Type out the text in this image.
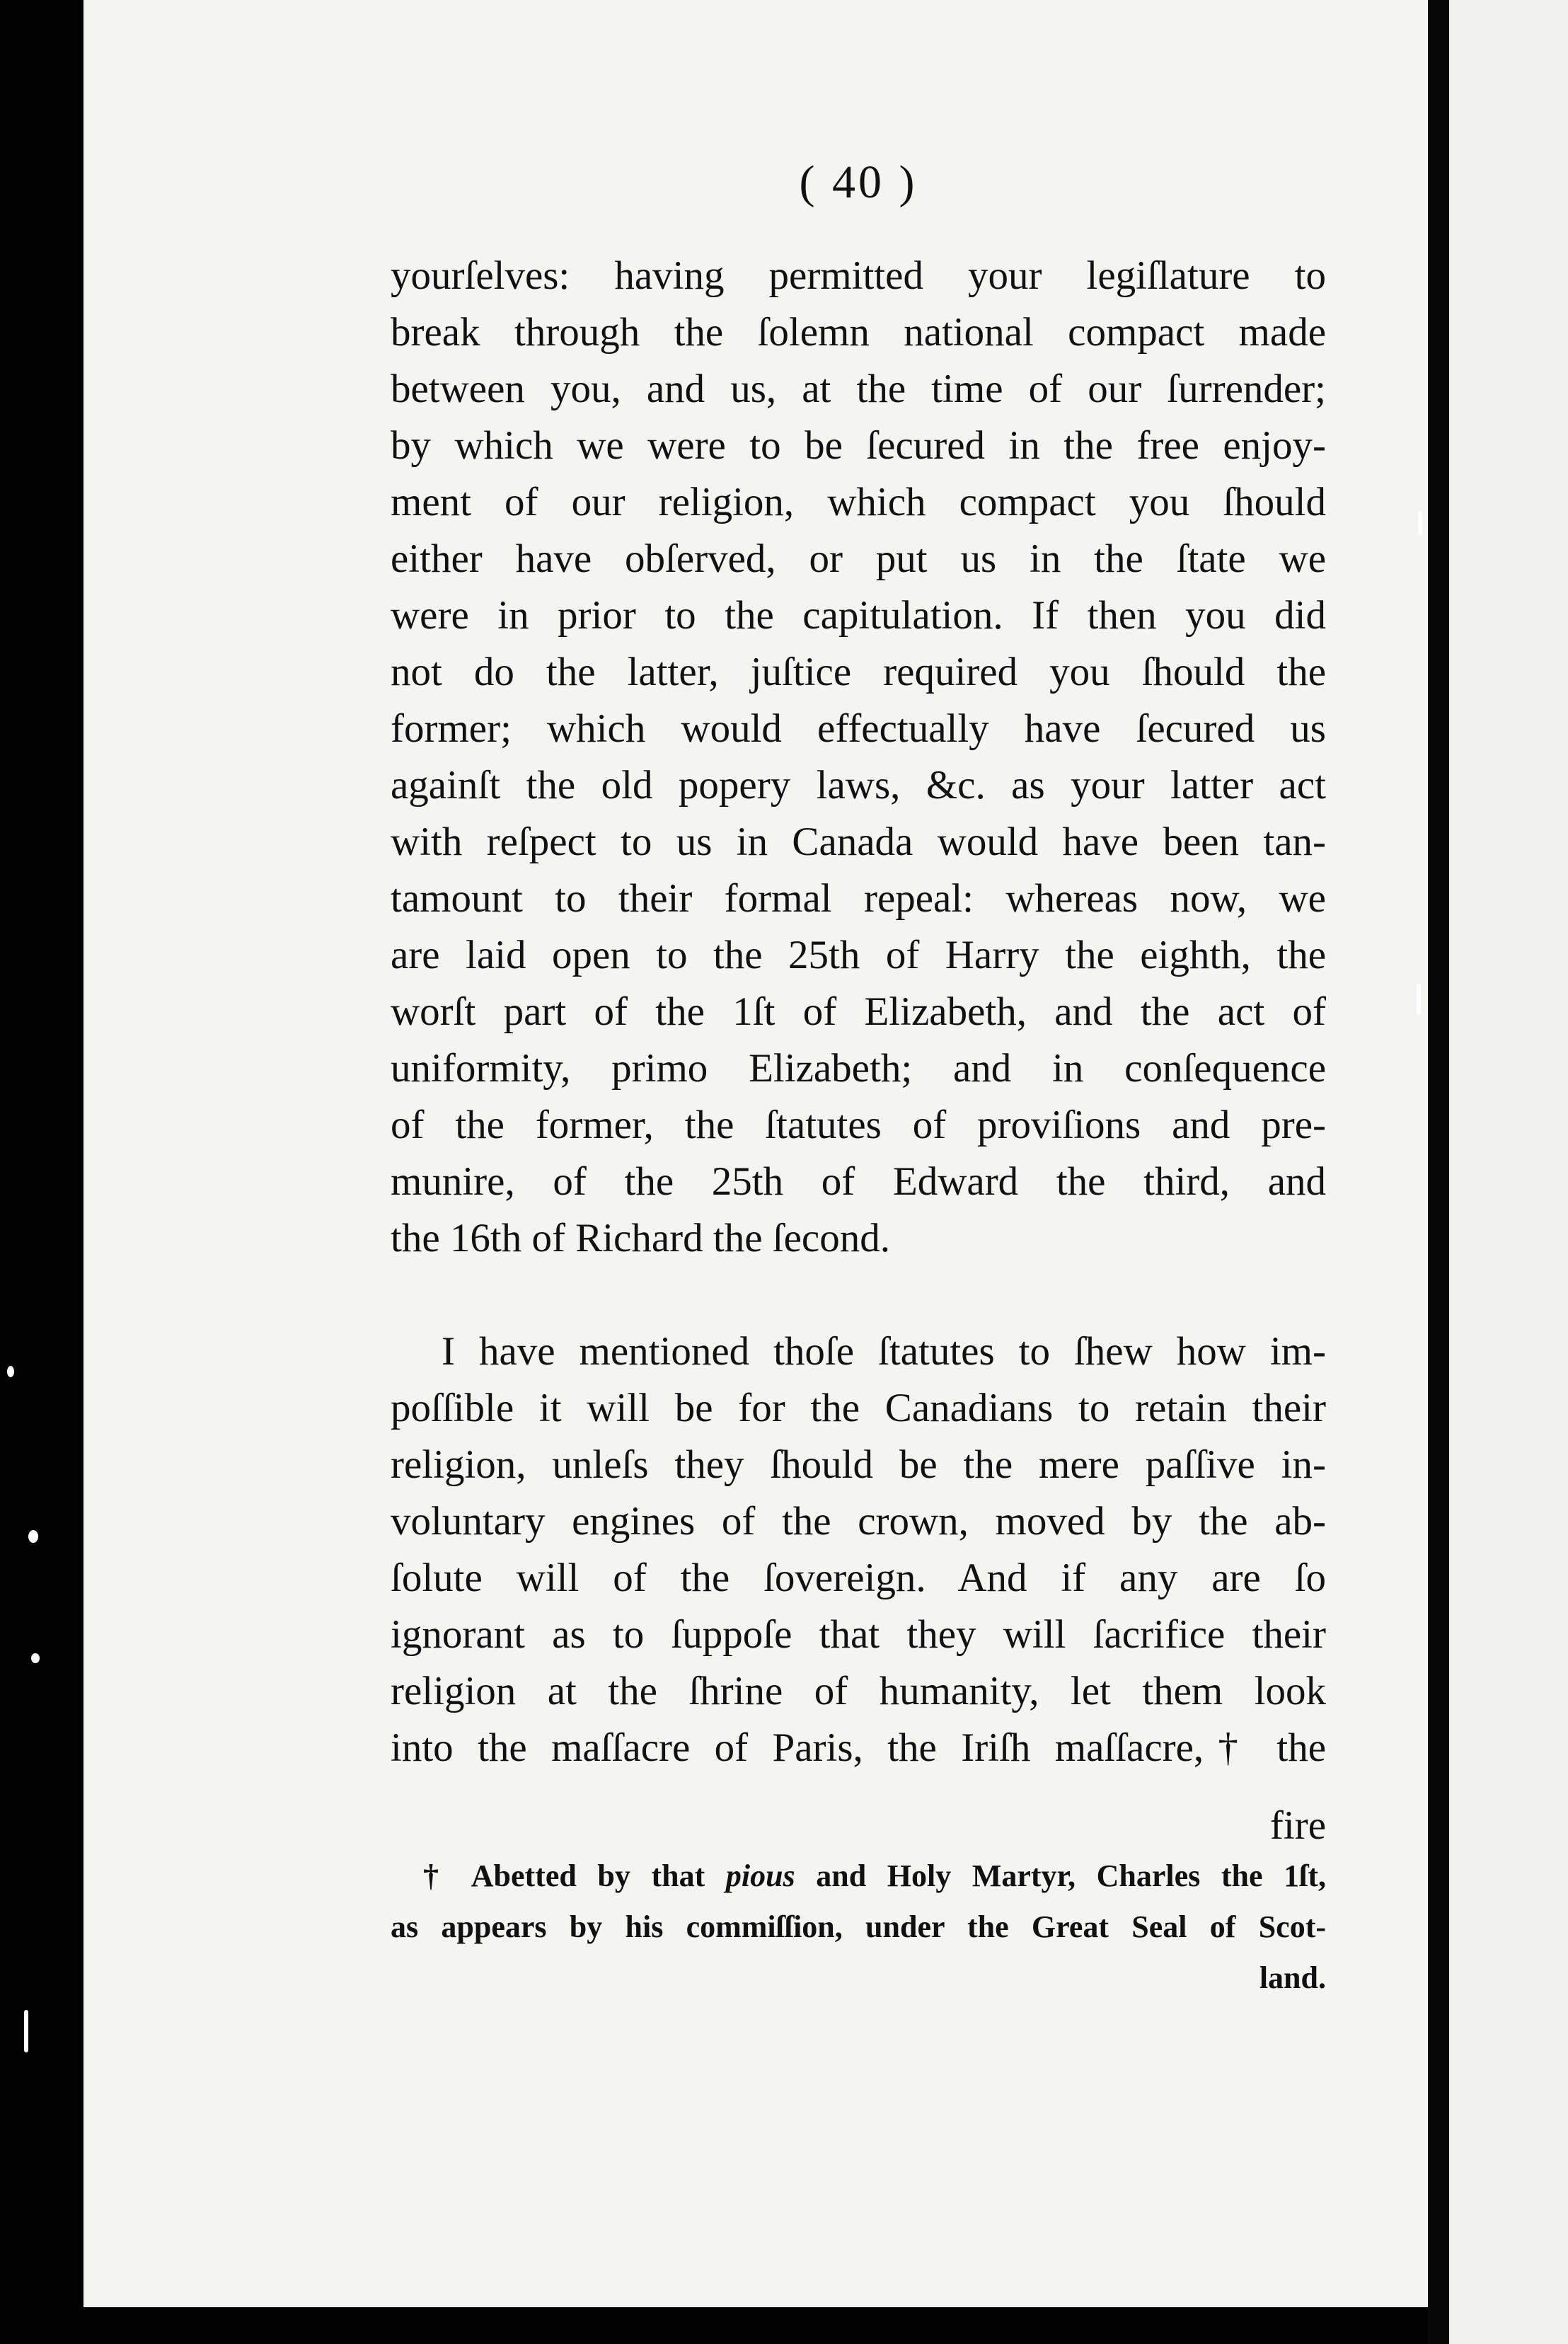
( 40 )
yourſelves: having permitted your legiſlature to
break through the ſolemn national compact made
between you, and us, at the time of our ſurrender;
by which we were to be ſecured in the free enjoy-
ment of our religion, which compact you ſhould
either have obſerved, or put us in the ſtate we
were in prior to the capitulation. If then you did
not do the latter, juſtice required you ſhould the
former; which would effectually have ſecured us
againſt the old popery laws, &c. as your latter act
with reſpect to us in Canada would have been tan-
tamount to their formal repeal: whereas now, we
are laid open to the 25th of Harry the eighth, the
worſt part of the 1ſt of Elizabeth, and the act of
uniformity, primo Elizabeth; and in conſequence
of the former, the ſtatutes of proviſions and pre-
munire, of the 25th of Edward the third, and
the 16th of Richard the ſecond.
I have mentioned thoſe ſtatutes to ſhew how im-
poſſible it will be for the Canadians to retain their
religion, unleſs they ſhould be the mere paſſive in-
voluntary engines of the crown, moved by the ab-
ſolute will of the ſovereign. And if any are ſo
ignorant as to ſuppoſe that they will ſacrifice their
religion at the ſhrine of humanity, let them look
into the maſſacre of Paris, the Iriſh maſſacre,† the
fire
† Abetted by that pious and Holy Martyr, Charles the 1ſt,
as appears by his commiſſion, under the Great Seal of Scot-
land.
